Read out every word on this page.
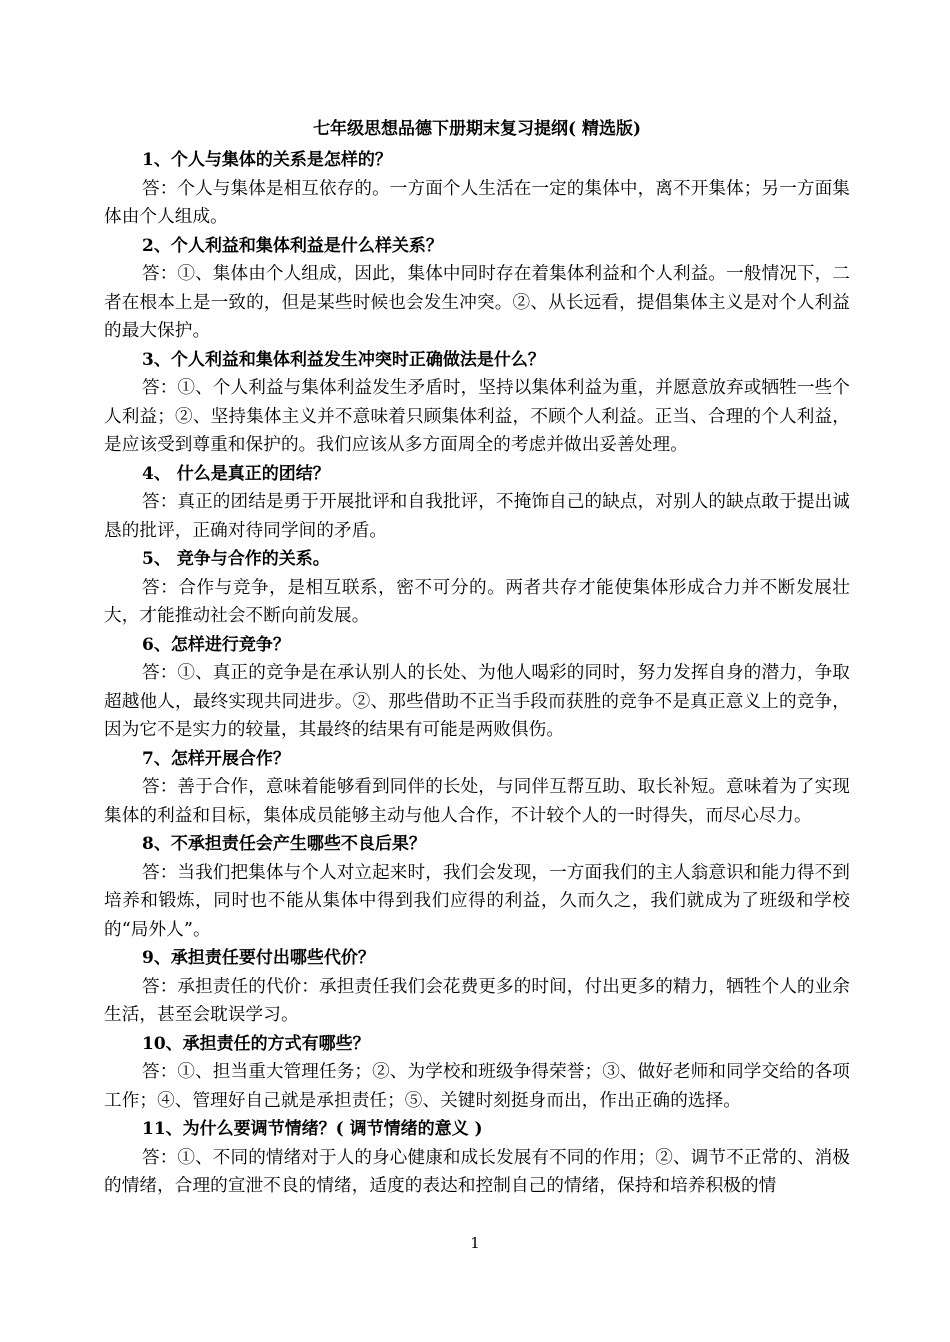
七年级思想品德下册期末复习提纲( 精选版)

1、个人与集体的关系是怎样的？

答：个人与集体是相互依存的。一方面个人生活在一定的集体中，离不开集体；另一方面集体由个人组成。

2、个人利益和集体利益是什么样关系？

答：①、集体由个人组成，因此，集体中同时存在着集体利益和个人利益。一般情况下，二者在根本上是一致的，但是某些时候也会发生冲突。②、从长远看，提倡集体主义是对个人利益的最大保护。

3、个人利益和集体利益发生冲突时正确做法是什么？

答：①、个人利益与集体利益发生矛盾时，坚持以集体利益为重，并愿意放弃或牺牲一些个人利益；②、坚持集体主义并不意味着只顾集体利益，不顾个人利益。正当、合理的个人利益，是应该受到尊重和保护的。我们应该从多方面周全的考虑并做出妥善处理。

4、 什么是真正的团结？

答：真正的团结是勇于开展批评和自我批评，不掩饰自己的缺点，对别人的缺点敢于提出诚恳的批评，正确对待同学间的矛盾。

5、 竞争与合作的关系。

答：合作与竞争，是相互联系，密不可分的。两者共存才能使集体形成合力并不断发展壮大，才能推动社会不断向前发展。

6、怎样进行竞争？

答：①、真正的竞争是在承认别人的长处、为他人喝彩的同时，努力发挥自身的潜力，争取超越他人，最终实现共同进步。②、那些借助不正当手段而获胜的竞争不是真正意义上的竞争，因为它不是实力的较量，其最终的结果有可能是两败俱伤。

7、怎样开展合作？

答：善于合作，意味着能够看到同伴的长处，与同伴互帮互助、取长补短。意味着为了实现集体的利益和目标，集体成员能够主动与他人合作，不计较个人的一时得失，而尽心尽力。

8、不承担责任会产生哪些不良后果？

答：当我们把集体与个人对立起来时，我们会发现，一方面我们的主人翁意识和能力得不到培养和锻炼，同时也不能从集体中得到我们应得的利益，久而久之，我们就成为了班级和学校的“局外人”。

9、承担责任要付出哪些代价？

答：承担责任的代价：承担责任我们会花费更多的时间，付出更多的精力，牺牲个人的业余生活，甚至会耽误学习。

10、承担责任的方式有哪些？

答：①、担当重大管理任务；②、为学校和班级争得荣誉；③、做好老师和同学交给的各项工作；④、管理好自己就是承担责任；⑤、关键时刻挺身而出，作出正确的选择。

11、为什么要调节情绪？( 调节情绪的意义 )

答：①、不同的情绪对于人的身心健康和成长发展有不同的作用；②、调节不正常的、消极的情绪，合理的宣泄不良的情绪，适度的表达和控制自己的情绪，保持和培养积极的情

1
